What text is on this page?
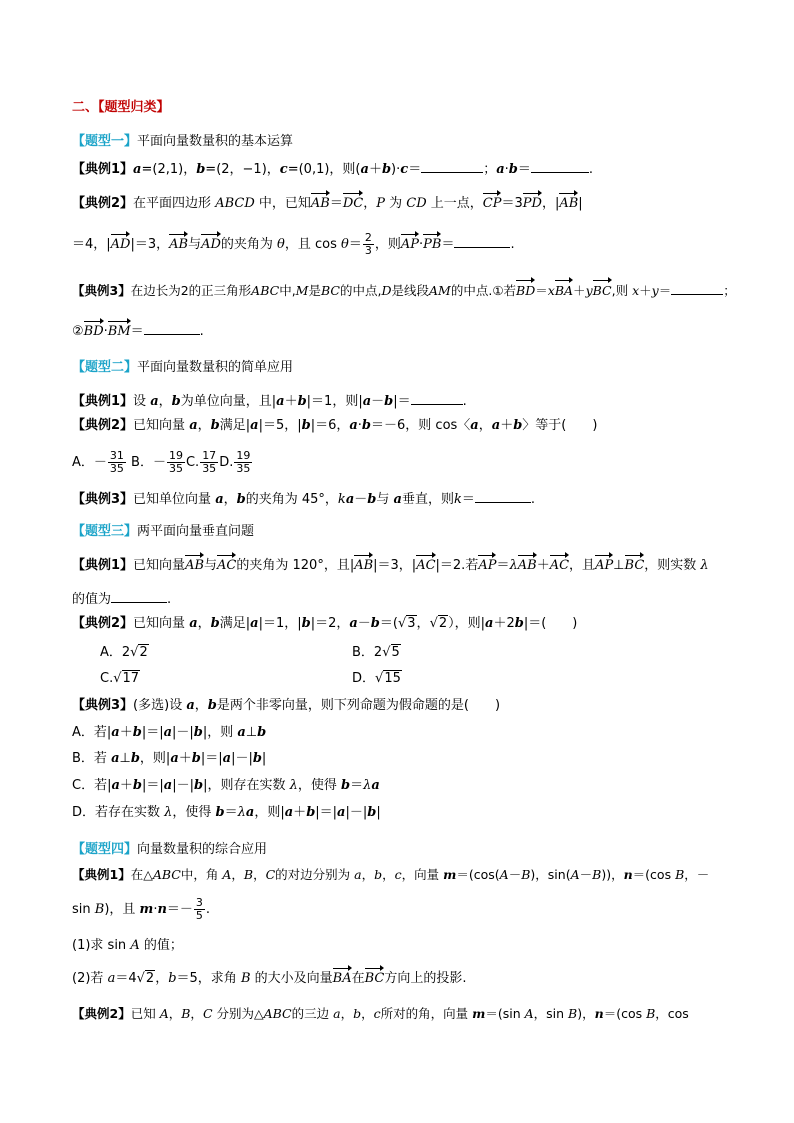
二、【题型归类】
【题型一】平面向量数量积的基本运算
【典例1】a=(2,1)，b=(2，−1)，c=(0,1)，则(a＋b)·c＝	；a·b＝	.
【典例2】在平面四边形 ABCD 中，已知AB＝DC，P 为 CD 上一点，CP＝3PD，|AB|
＝4，|AD|＝3，AB与AD的夹角为 θ，且 $\cos \theta= \frac{2}{3}$ ，则AP·PB＝	.
【典例3】在边长为2的正三角形ABC中,M是BC的中点,D是线段AM的中点.①若BD＝xBA＋yBC,则 x＋y＝	；
②BD·BM＝	.
【题型二】平面向量数量积的简单应用
【典例1】设 a，b为单位向量，且|a＋b|＝1，则|a－b|＝	.
【典例2】已知向量 a，b满足|a|＝5，|b|＝6，a·b＝－6，则 cos〈a，a＋b〉等于(　　)
A．－ $\frac{31}{35}$ B．－ $\frac{19}{35} C$. $\frac{17}{35} D$. $\frac{19}{35}$
【典例3】已知单位向量 a，b的夹角为 45°，ka－b与 a垂直，则k＝	.
【题型三】两平面向量垂直问题
【典例1】已知向量AB与AC的夹角为 120°，且|AB|＝3，|AC|＝2.若AP＝λAB＋AC，且AP⊥BC，则实数 λ
的值为	.
【典例2】已知向量 a，b满足|a|＝1，|b|＝2，a－b＝(√3，√2），则|a＋2b|＝(　　)
A．2√2	B．2√5
C.√17	D．√15
【典例3】(多选)设 a，b是两个非零向量，则下列命题为假命题的是(　　)
A．若|a＋b|＝|a|－|b|，则 a⊥b
B．若 a⊥b，则|a＋b|＝|a|－|b|
C．若|a＋b|＝|a|－|b|，则存在实数 λ，使得 b＝λa
D．若存在实数 λ，使得 b＝λa，则|a＋b|＝|a|－|b|
【题型四】向量数量积的综合应用
【典例1】在△ABC中，角 A，B，C的对边分别为 a，b，c，向量 m＝(cos(A－B)，sin(A－B))，n＝(cos B，－
sin B)，且 $m\cdot n=- \frac{3}{5}$ .
(1)求 sin A 的值；
(2)若 a＝4√2，b＝5，求角 B 的大小及向量BA在BC方向上的投影.
【典例2】已知 A，B，C 分别为△ABC的三边 a，b，c所对的角，向量 m＝(sin A，sin B)，n＝(cos B，cos
